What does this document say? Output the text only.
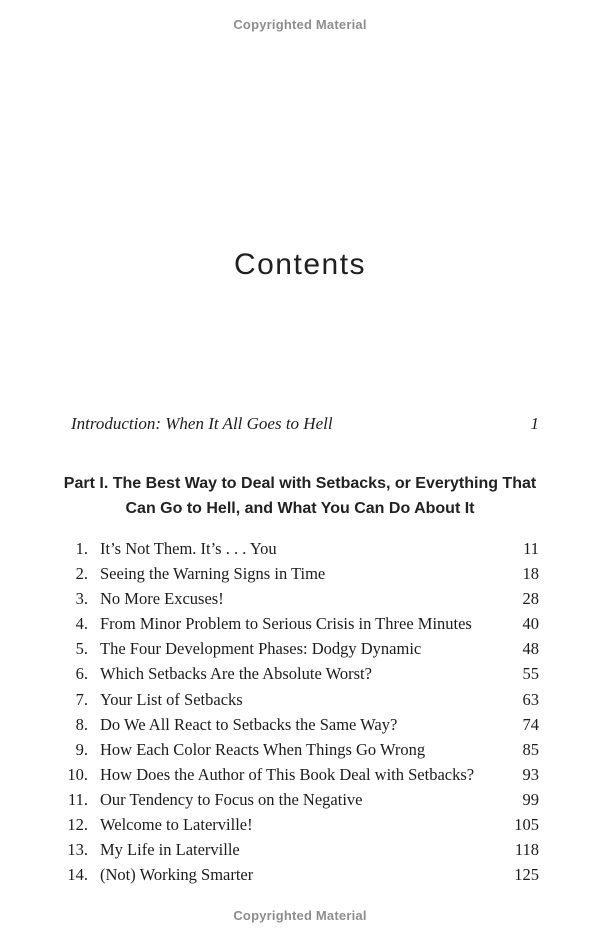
Copyrighted Material
Contents
Introduction: When It All Goes to Hell	1
Part I. The Best Way to Deal with Setbacks, or Everything That
Can Go to Hell, and What You Can Do About It
1. It’s Not Them. It’s . . . You	11
2. Seeing the Warning Signs in Time	18
3. No More Excuses!	28
4. From Minor Problem to Serious Crisis in Three Minutes	40
5. The Four Development Phases: Dodgy Dynamic	48
6. Which Setbacks Are the Absolute Worst?	55
7. Your List of Setbacks	63
8. Do We All React to Setbacks the Same Way?	74
9. How Each Color Reacts When Things Go Wrong	85
10. How Does the Author of This Book Deal with Setbacks?	93
11. Our Tendency to Focus on the Negative	99
12. Welcome to Laterville!	105
13. My Life in Laterville	118
14. (Not) Working Smarter	125
Copyrighted Material
